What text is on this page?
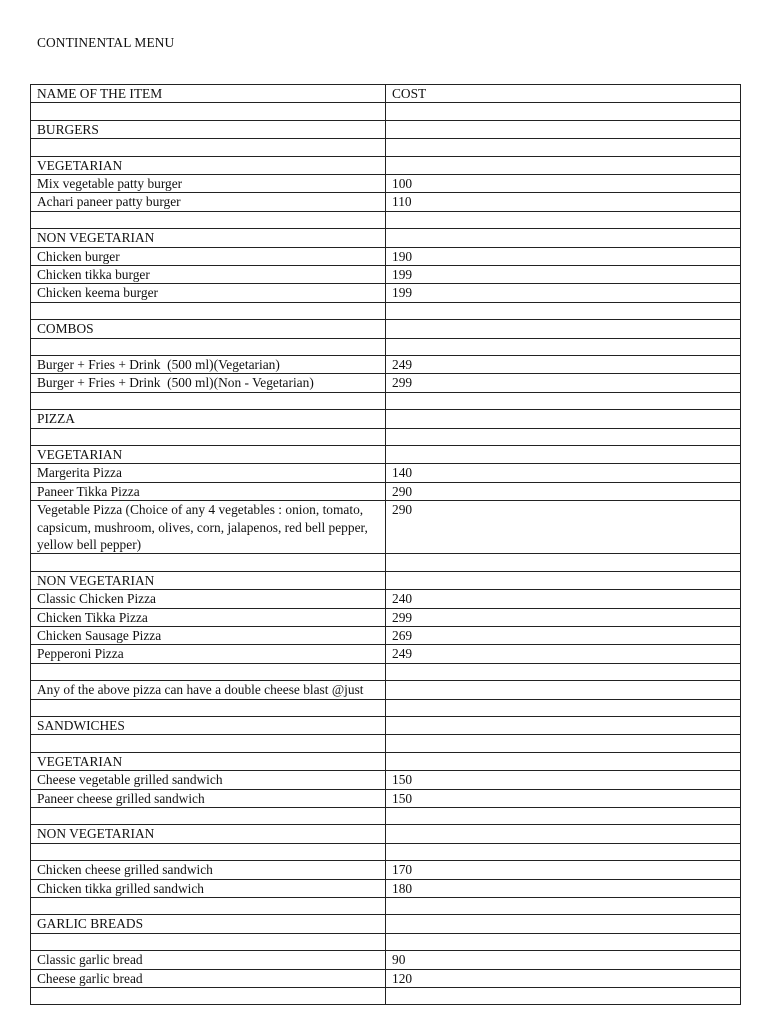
CONTINENTAL MENU
NAME OF THE ITEM	COST

BURGERS	

VEGETARIAN	
Mix vegetable patty burger	100
Achari paneer patty burger	110

NON VEGETARIAN	
Chicken burger	190
Chicken tikka burger	199
Chicken keema burger	199

COMBOS	

Burger + Fries + Drink  (500 ml)(Vegetarian)	249
Burger + Fries + Drink  (500 ml)(Non - Vegetarian)	299

PIZZA	

VEGETARIAN	
Margerita Pizza	140
Paneer Tikka Pizza	290
Vegetable Pizza (Choice of any 4 vegetables : onion, tomato, capsicum, mushroom, olives, corn, jalapenos, red bell pepper, yellow bell pepper)	290

NON VEGETARIAN	
Classic Chicken Pizza	240
Chicken Tikka Pizza	299
Chicken Sausage Pizza	269
Pepperoni Pizza	249

Any of the above pizza can have a double cheese blast @just	

SANDWICHES	

VEGETARIAN	
Cheese vegetable grilled sandwich	150
Paneer cheese grilled sandwich	150

NON VEGETARIAN	

Chicken cheese grilled sandwich	170
Chicken tikka grilled sandwich	180

GARLIC BREADS	

Classic garlic bread	90
Cheese garlic bread	120
